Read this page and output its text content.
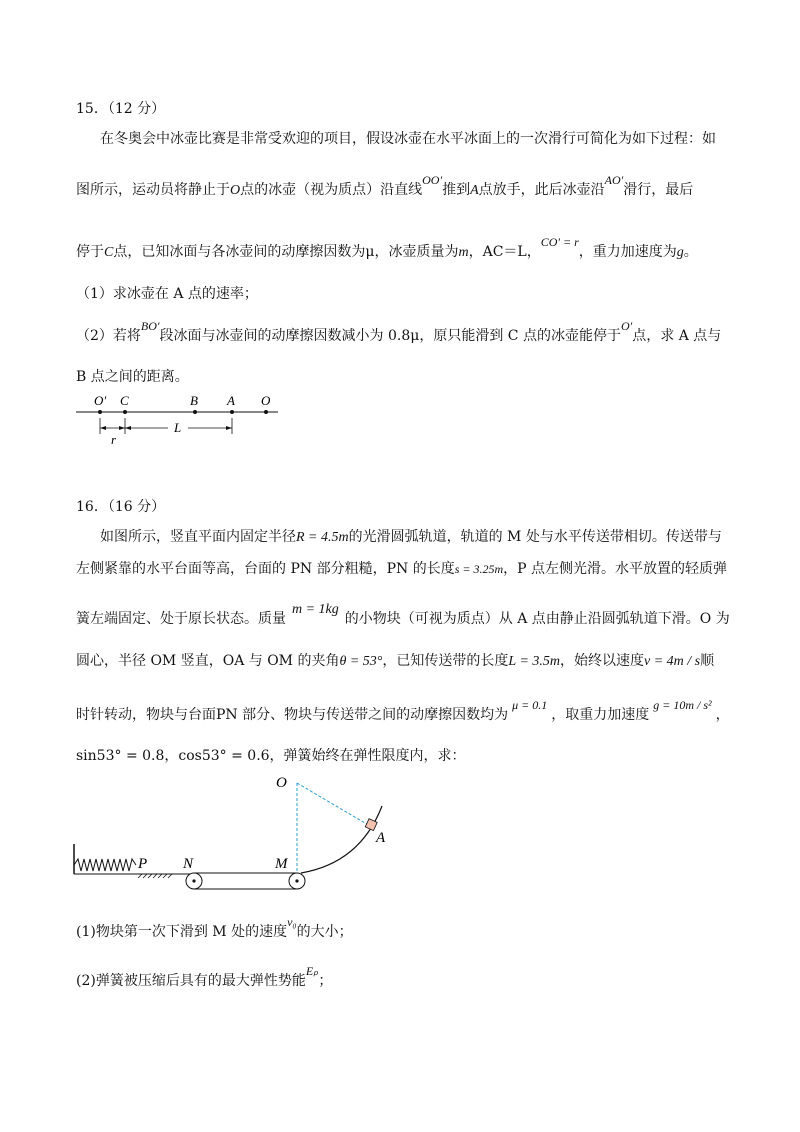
15．（12 分）
在冬奥会中冰壶比赛是非常受欢迎的项目，假设冰壶在水平冰面上的一次滑行可简化为如下过程：如
图所示，运动员将静止于O点的冰壶（视为质点）沿直线OO′推到A点放手，此后冰壶沿AO′滑行，最后
停于C点，已知冰面与各冰壶间的动摩擦因数为μ，冰壶质量为m，AC＝L，CO′ = r，重力加速度为g。
（1）求冰壶在 A 点的速率；
（2）若将BO′段冰面与冰壶间的动摩擦因数减小为 0.8μ，原只能滑到 C 点的冰壶能停于O′点，求 A 点与
B 点之间的距离。
O′ C	B A O
r
L
16．（16 分）
如图所示，竖直平面内固定半径R = 4.5m的光滑圆弧轨道，轨道的 M 处与水平传送带相切。传送带与
左侧紧靠的水平台面等高，台面的 PN 部分粗糙，PN 的长度s = 3.25m，P 点左侧光滑。水平放置的轻质弹
簧左端固定、处于原长状态。质量m = 1kg的小物块（可视为质点）从 A 点由静止沿圆弧轨道下滑。O 为
圆心，半径 OM 竖直，OA 与 OM 的夹角θ = 53°，已知传送带的长度L = 3.5m，始终以速度v = 4m / s顺
时针转动，物块与台面PN 部分、物块与传送带之间的动摩擦因数均为μ = 0.1，取重力加速度g = 10m / s²，
sin53° = 0.8，cos53° = 0.6，弹簧始终在弹性限度内，求：
P N	M
O
A
(1)物块第一次下滑到 M 处的速度v₀的大小；
(2)弹簧被压缩后具有的最大弹性势能Eₚ；
